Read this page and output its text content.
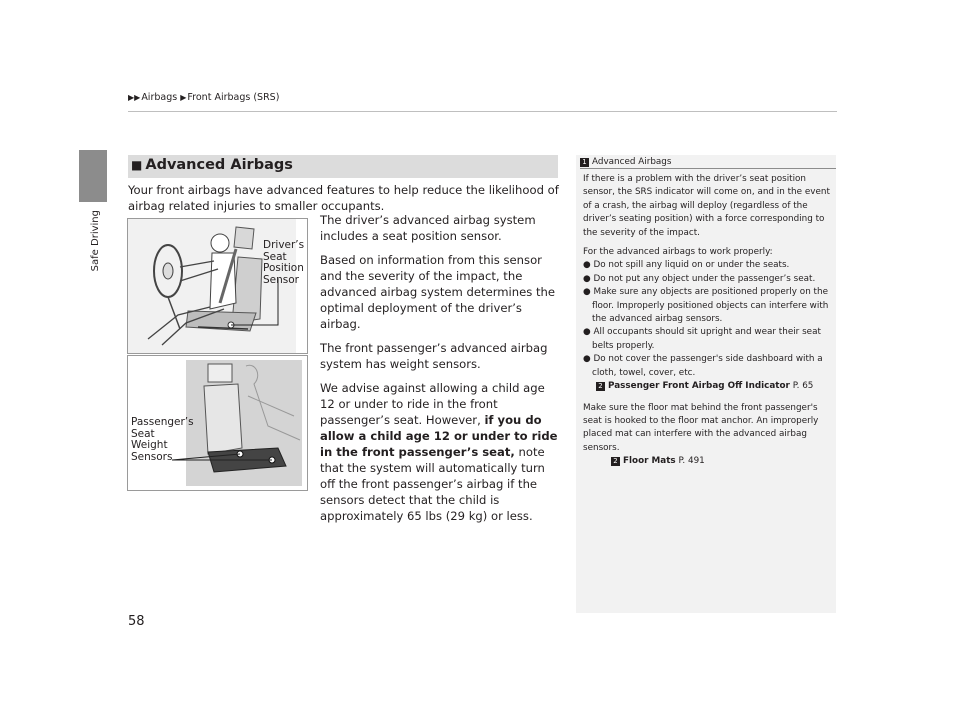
▶▶Airbags ▶Front Airbags (SRS)
Safe Driving
■ Advanced Airbags
Your front airbags have advanced features to help reduce the likelihood of airbag related injuries to smaller occupants.

The driver’s advanced airbag system includes a seat position sensor.

Based on information from this sensor and the severity of the impact, the advanced airbag system determines the optimal deployment of the driver’s airbag.

The front passenger’s advanced airbag system has weight sensors.

We advise against allowing a child age 12 or under to ride in the front passenger’s seat. However, if you do allow a child age 12 or under to ride in the front passenger’s seat, note that the system will automatically turn off the front passenger’s airbag if the sensors detect that the child is approximately 65 lbs (29 kg) or less.

Driver’s
Seat
Position
Sensor
Passenger’s
Seat
Weight
Sensors
1 Advanced Airbags

If there is a problem with the driver’s seat position sensor, the SRS indicator will come on, and in the event of a crash, the airbag will deploy (regardless of the driver’s seating position) with a force corresponding to the severity of the impact.

For the advanced airbags to work properly:
● Do not spill any liquid on or under the seats.
● Do not put any object under the passenger’s seat.
● Make sure any objects are positioned properly on the floor. Improperly positioned objects can interfere with the advanced airbag sensors.
● All occupants should sit upright and wear their seat belts properly.
● Do not cover the passenger's side dashboard with a cloth, towel, cover, etc.
2 Passenger Front Airbag Off Indicator P. 65

Make sure the floor mat behind the front passenger's seat is hooked to the floor mat anchor. An improperly placed mat can interfere with the advanced airbag sensors.

2 Floor Mats P. 491
58
